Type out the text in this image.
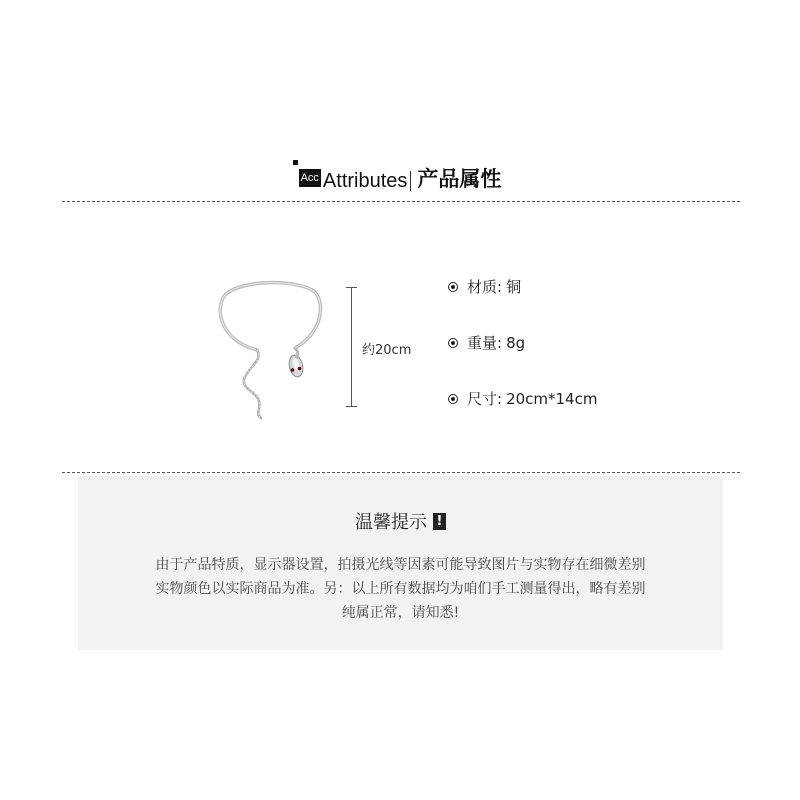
Acc Attributes 产品属性
约20cm
材质: 铜
重量: 8g
尺寸: 20cm*14cm
温馨提示 !
由于产品特质，显示器设置，拍摄光线等因素可能导致图片与实物存在细微差别
实物颜色以实际商品为准。另：以上所有数据均为咱们手工测量得出，略有差别
纯属正常，请知悉!
